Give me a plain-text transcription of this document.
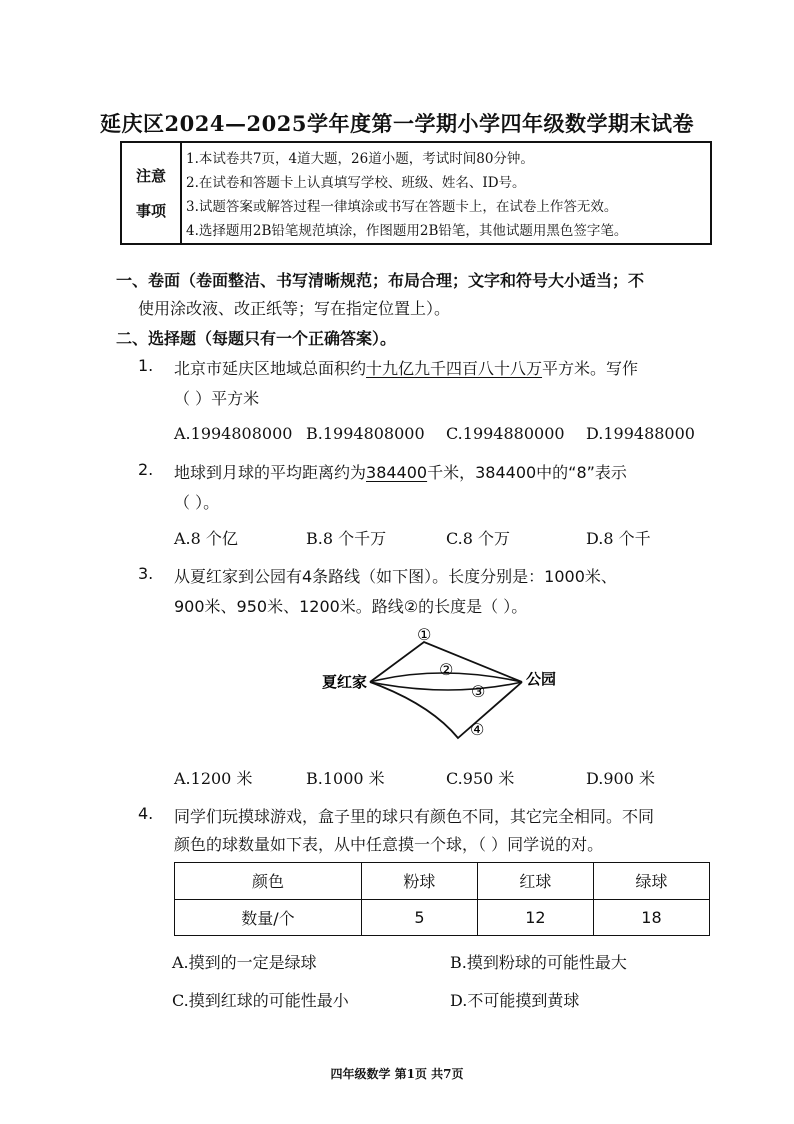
延庆区2024—2025学年度第一学期小学四年级数学期末试卷
注意
事项
1.本试卷共7页，4道大题，26道小题，考试时间80分钟。
2.在试卷和答题卡上认真填写学校、班级、姓名、ID号。
3.试题答案或解答过程一律填涂或书写在答题卡上，在试卷上作答无效。
4.选择题用2B铅笔规范填涂，作图题用2B铅笔，其他试题用黑色签字笔。
一、卷面（卷面整洁、书写清晰规范；布局合理；文字和符号大小适当；不
使用涂改液、改正纸等；写在指定位置上）。
二、选择题（每题只有一个正确答案）。
1. 北京市延庆区地域总面积约十九亿九千四百八十八万平方米。写作
（ ）平方米
A.1994808000 B.1994808000 C.1994880000 D.199488000
2. 地球到月球的平均距离约为384400千米，384400中的“8”表示
（ ）。
A.8 个亿	B.8 个千万	C.8 个万	D.8 个千
3. 从夏红家到公园有4条路线（如下图）。长度分别是：1000米、
900米、950米、1200米。路线②的长度是（ ）。
夏红家	公园
①
②
③
④
A.1200 米	B.1000 米	C.950 米	D.900 米
4. 同学们玩摸球游戏，盒子里的球只有颜色不同，其它完全相同。不同
颜色的球数量如下表，从中任意摸一个球，（ ）同学说的对。
颜色	粉球	红球	绿球
数量/个	5	12	18
A.摸到的一定是绿球	B.摸到粉球的可能性最大
C.摸到红球的可能性最小	D.不可能摸到黄球
四年级数学 第1页 共7页
